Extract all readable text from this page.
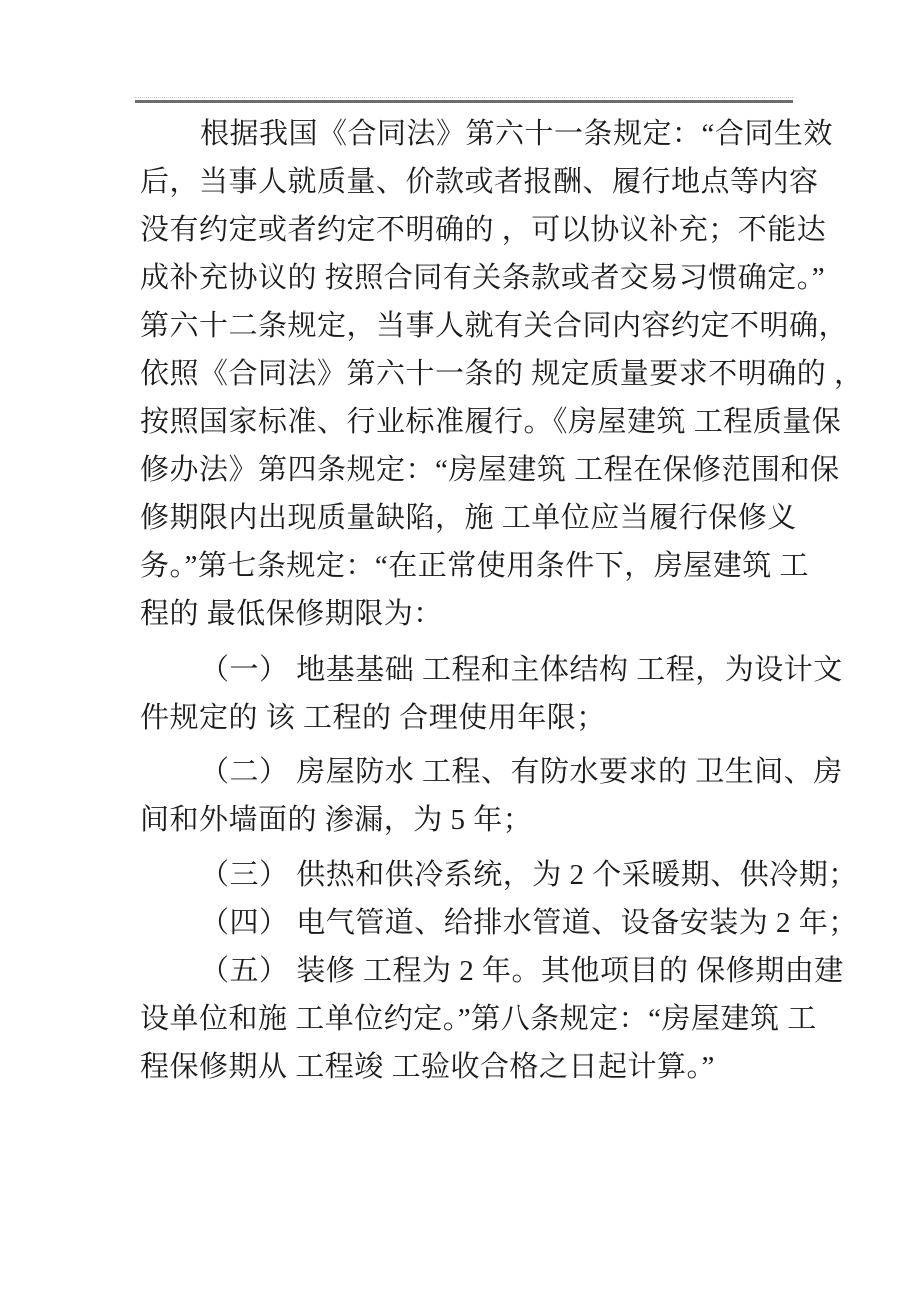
根据我国《合同法》第六十一条规定：“合同生效
后，当事人就质量、价款或者报酬、履行地点等内容
没有约定或者约定不明确的 ，可以协议补充；不能达
成补充协议的 按照合同有关条款或者交易习惯确定。”
第六十二条规定，当事人就有关合同内容约定不明确，
依照《合同法》第六十一条的 规定质量要求不明确的 ，
按照国家标准、行业标准履行。《房屋建筑 工程质量保
修办法》第四条规定：“房屋建筑 工程在保修范围和保
修期限内出现质量缺陷，施 工单位应当履行保修义
务。”第七条规定：“在正常使用条件下，房屋建筑 工
程的 最低保修期限为：
（一） 地基基础 工程和主体结构 工程，为设计文
件规定的 该 工程的 合理使用年限；
（二） 房屋防水 工程、有防水要求的 卫生间、房
间和外墙面的 渗漏，为 5 年；
（三） 供热和供冷系统，为 2 个采暖期、供冷期；
（四） 电气管道、给排水管道、设备安装为 2 年；
（五） 装修 工程为 2 年。其他项目的 保修期由建
设单位和施 工单位约定。”第八条规定：“房屋建筑 工
程保修期从 工程竣 工验收合格之日起计算。”
